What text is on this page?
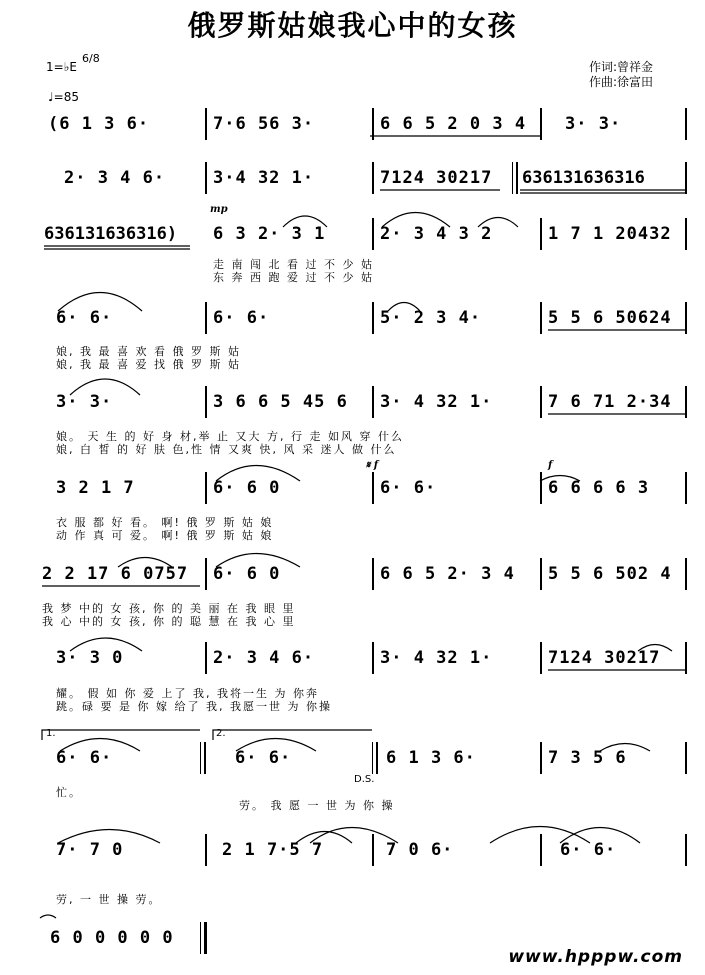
俄罗斯姑娘我心中的女孩
1=♭E
6/8
♩=85
作词:曾祥金
作曲:徐富田
(6 1 3 6·	7·6 56 3·	6 6 5 2 0 3 4 3· 3·
2· 3 4 6·	3·4 32 1·	7124 30217 636131636316
636131636316) 6 3 2· 3 1	2· 3 4 3 2	1 7 1 20432
mp
走 南 闯 北 看 过 不 少 姑
东 奔 西 跑 爱 过 不 少 姑
6· 6·	6· 6·	5· 2 3 4·	5 5 6 50624
娘, 我 最 喜 欢 看 俄 罗 斯 姑
娘, 我 最 喜 爱 找 俄 罗 斯 姑
3· 3·	3 6 6 5 45 6 3· 4 32 1·	7 6 71 2·34
娘。 天 生 的 好 身 材,举 止 又大 方, 行 走 如风 穿 什么
娘, 白 皙 的 好 肤 色,性 情 又爽 快, 风 采 迷人 做 什么
3 2 1 7	6· 6 0	6· 6·	6 6 6 6 3
𝄋 f	f
衣 服 都 好 看。 啊! 俄 罗 斯 姑 娘
动 作 真 可 爱。 啊! 俄 罗 斯 姑 娘
2 2 17 6 0757 6· 6 0	6 6 5 2· 3 4 5 5 6 502 4
我 梦 中的 女 孩, 你 的 美 丽 在 我 眼 里
我 心 中的 女 孩, 你 的 聪 慧 在 我 心 里
3· 3 0	2· 3 4 6·	3· 4 32 1·	7124 30217
耀。 假 如 你 爱 上了 我, 我将一生 为 你奔
跳。碌 要 是 你 嫁 给了 我, 我愿一世 为 你操
6· 6·	6· 6·	6 1 3 6·	7 3 5 6
1.	2.
D.S.
忙。
劳。 我 愿 一 世 为 你 操
7· 7 0	2 1 7·5 7	7 0 6·	6· 6·
劳, 一 世 操 劳。
6 0 0 0 0 0
www.hpppw.com
